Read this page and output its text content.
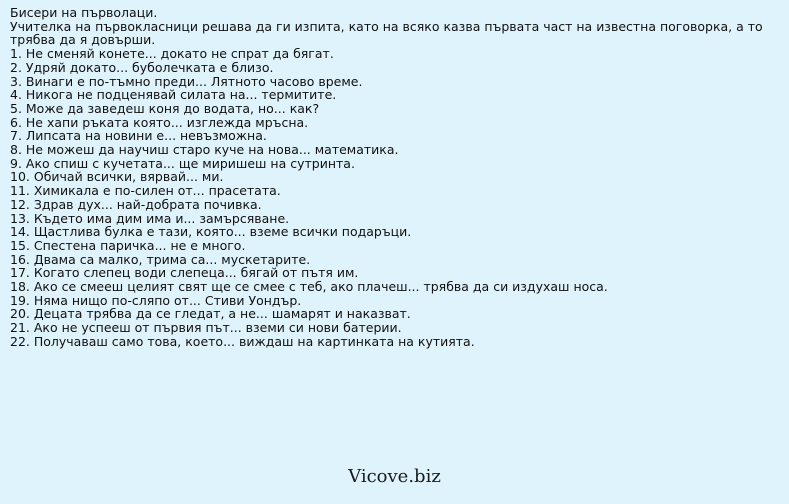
Бисери на първолаци.
Учителка на първокласници решава да ги изпита, като на всяко казва първата част на известна поговорка, а то трябва да я довърши.
1. Не сменяй конете... докато не спрат да бягат.
2. Удряй докато... буболечката е близо.
3. Винаги е по-тъмно преди... Лятното часово време.
4. Никога не подценявай силата на... термитите.
5. Може да заведеш коня до водата, но... как?
6. Не хапи ръката която... изглежда мръсна.
7. Липсата на новини е... невъзможна.
8. Не можеш да научиш старо куче на нова... математика.
9. Ако спиш с кучетата... ще миришеш на сутринта.
10. Обичай всички, вярвай... ми.
11. Химикала е по-силен от... прасетата.
12. Здрав дух... най-добрата почивка.
13. Където има дим има и... замърсяване.
14. Щастлива булка е тази, която... вземе всички подаръци.
15. Спестена паричка... не е много.
16. Двама са малко, трима са... мускетарите.
17. Когато слепец води слепеца... бягай от пътя им.
18. Ако се смееш целият свят ще се смее с теб, ако плачеш... трябва да си издухаш носа.
19. Няма нищо по-сляпо от... Стиви Уондър.
20. Децата трябва да се гледат, а не... шамарят и наказват.
21. Ако не успееш от първия път... вземи си нови батерии.
22. Получаваш само това, което... виждаш на картинката на кутията.
Vicove.biz
